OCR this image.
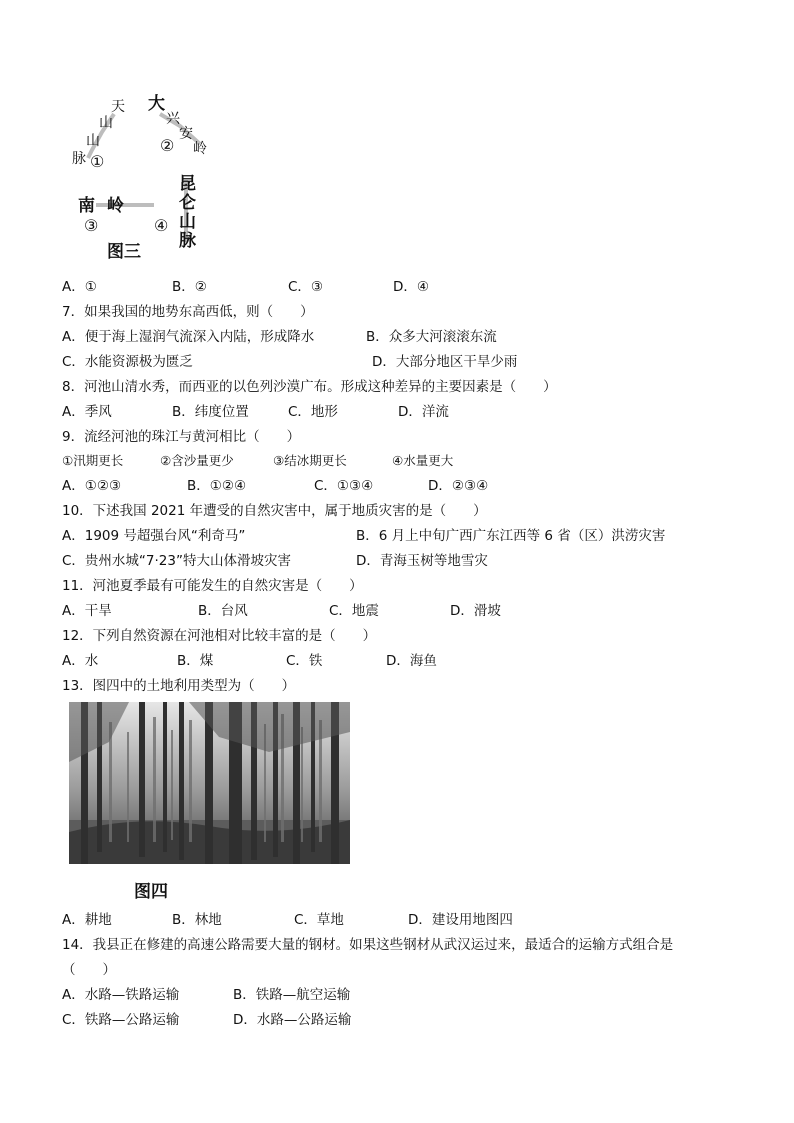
天
山
山
脉 ①
大
兴
安
岭
②
昆
仑
山
脉
南  岭
③	④
图三
A．①	B．②	C．③	D．④
7．如果我国的地势东高西低，则（　　）
A．便于海上湿润气流深入内陆，形成降水	B．众多大河滚滚东流
C．水能资源极为匮乏	D．大部分地区干旱少雨
8．河池山清水秀，而西亚的以色列沙漠广布。形成这种差异的主要因素是（　　）
A．季风	B．纬度位置	C．地形	D．洋流
9．流经河池的珠江与黄河相比（　　）
①汛期更长	②含沙量更少	③结冰期更长	④水量更大
A．①②③	B．①②④	C．①③④	D．②③④
10．下述我国 2021 年遭受的自然灾害中，属于地质灾害的是（　　）
A．1909 号超强台风“利奇马”	B．6 月上中旬广西广东江西等 6 省（区）洪涝灾害
C．贵州水城“7·23”特大山体滑坡灾害	D．青海玉树等地雪灾
11．河池夏季最有可能发生的自然灾害是（　　）
A．干旱	B．台风	C．地震	D．滑坡
12．下列自然资源在河池相对比较丰富的是（　　）
A．水	B．煤	C．铁	D．海鱼
13．图四中的土地利用类型为（　　）
图四
A．耕地	B．林地	C．草地	D．建设用地图四
14．我县正在修建的高速公路需要大量的钢材。如果这些钢材从武汉运过来，最适合的运输方式组合是
（　　）
A．水路—铁路运输	B．铁路—航空运输
C．铁路—公路运输	D．水路—公路运输
